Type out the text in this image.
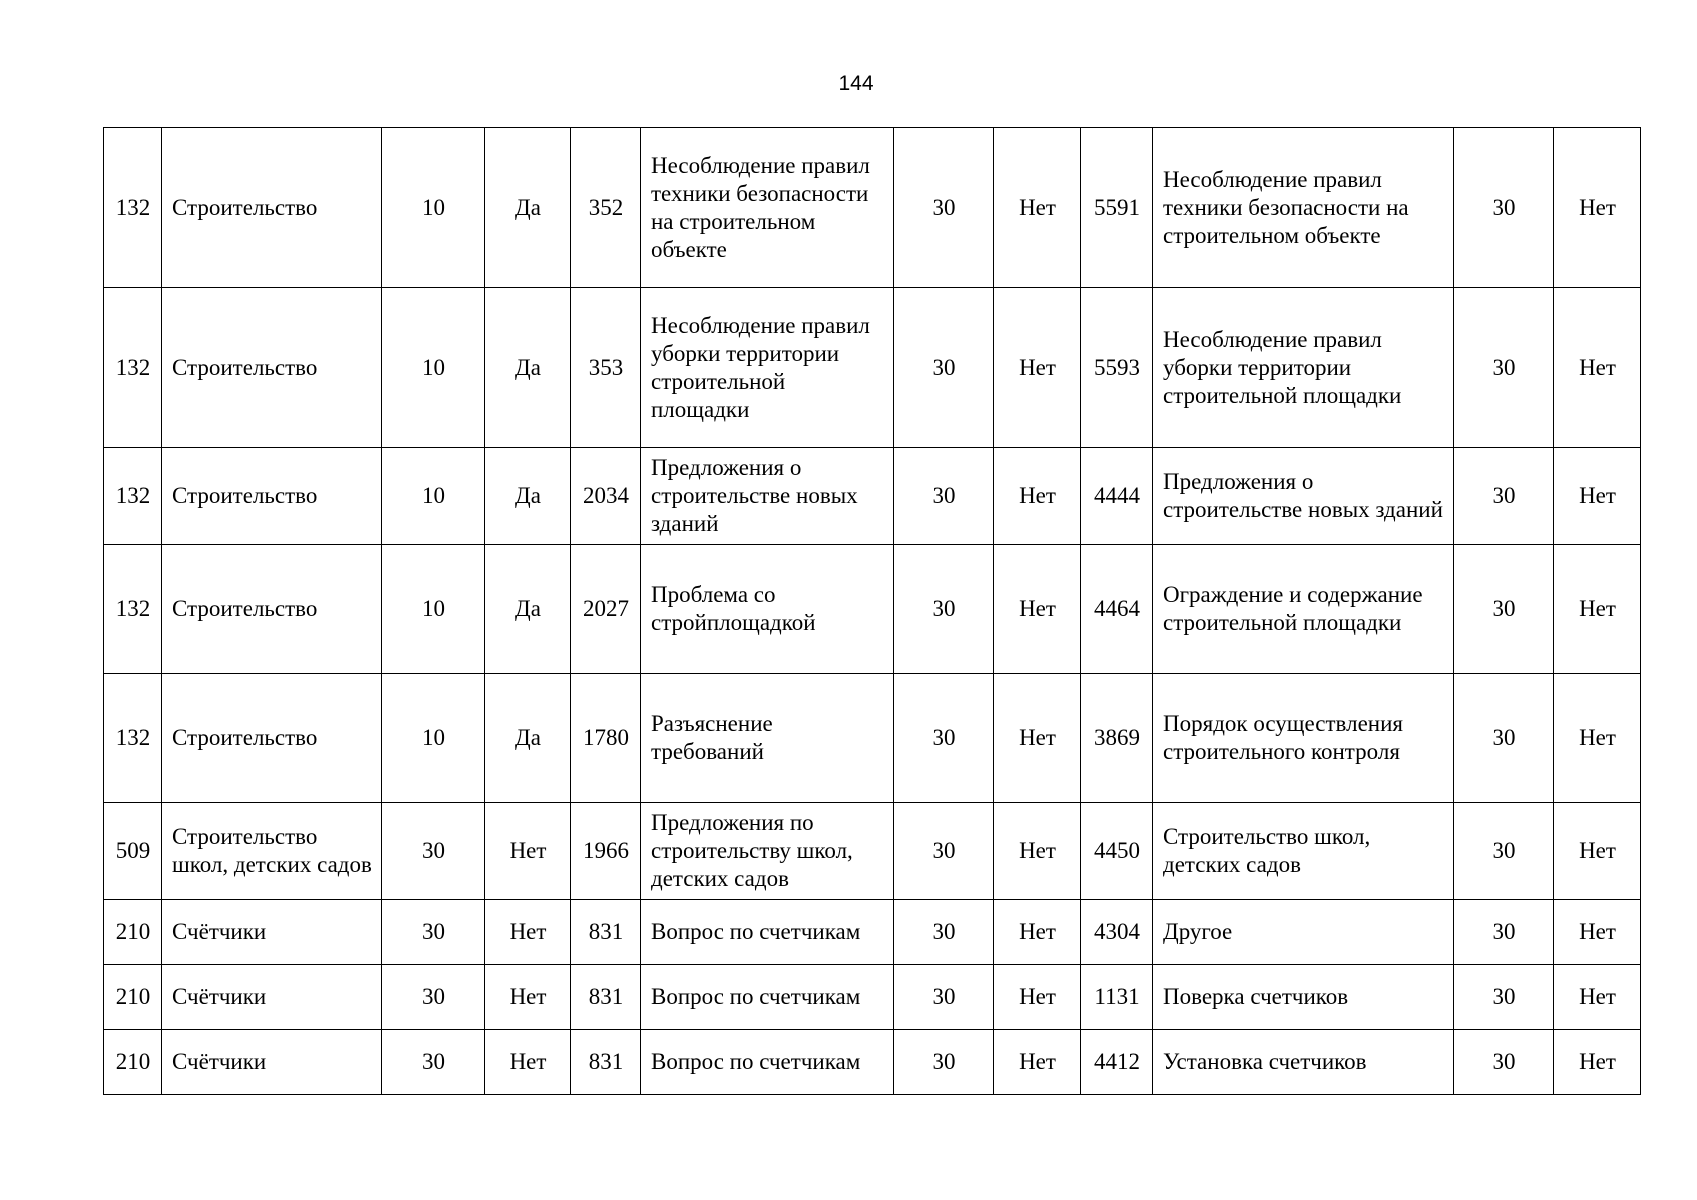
144
132	Строительство	10	Да	352	Несоблюдение правил техники безопасности на строительном объекте	30	Нет	5591	Несоблюдение правил техники безопасности на строительном объекте	30	Нет
132	Строительство	10	Да	353	Несоблюдение правил уборки территории строительной площадки	30	Нет	5593	Несоблюдение правил уборки территории строительной площадки	30	Нет
132	Строительство	10	Да	2034	Предложения о строительстве новых зданий	30	Нет	4444	Предложения о строительстве новых зданий	30	Нет
132	Строительство	10	Да	2027	Проблема со стройплощадкой	30	Нет	4464	Ограждение и содержание строительной площадки	30	Нет
132	Строительство	10	Да	1780	Разъяснение требований	30	Нет	3869	Порядок осуществления строительного контроля	30	Нет
509	Строительство школ, детских садов	30	Нет	1966	Предложения по строительству школ, детских садов	30	Нет	4450	Строительство школ, детских садов	30	Нет
210	Счётчики	30	Нет	831	Вопрос по счетчикам	30	Нет	4304	Другое	30	Нет
210	Счётчики	30	Нет	831	Вопрос по счетчикам	30	Нет	1131	Поверка счетчиков	30	Нет
210	Счётчики	30	Нет	831	Вопрос по счетчикам	30	Нет	4412	Установка счетчиков	30	Нет
